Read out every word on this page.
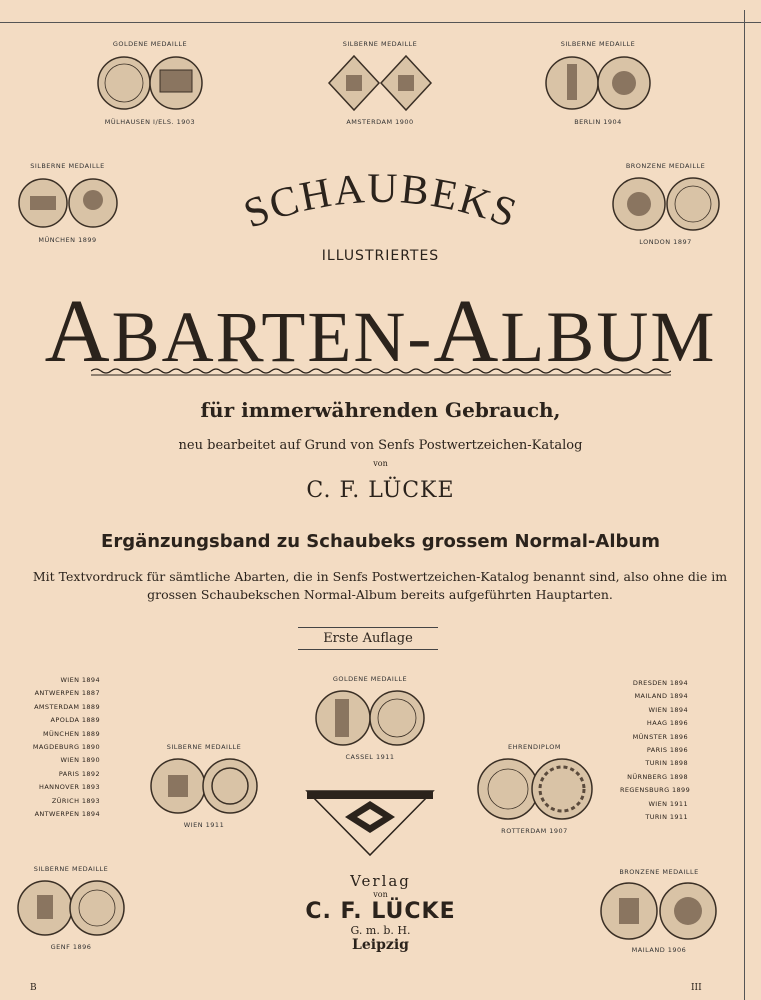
GOLDENE MEDAILLE
MÜLHAUSEN I/ELS. 1903
SILBERNE MEDAILLE
AMSTERDAM 1900
SILBERNE MEDAILLE
BERLIN 1904
SILBERNE MEDAILLE
MÜNCHEN 1899
BRONZENE MEDAILLE
LONDON 1897
SCHAUBEKS
ILLUSTRIERTES
ABARTEN-ALBUM
für immerwährenden Gebrauch,
neu bearbeitet auf Grund von Senfs Postwertzeichen-Katalog
von
C. F. LÜCKE
Ergänzungsband zu Schaubeks grossem Normal-Album
Mit Textvordruck für sämtliche Abarten, die in Senfs Postwertzeichen-Katalog benannt sind, also ohne die im
grossen Schaubekschen Normal-Album bereits aufgeführten Hauptarten.
Erste Auflage
WIEN 1894
ANTWERPEN 1887
AMSTERDAM 1889
APOLDA 1889
MÜNCHEN 1889
MAGDEBURG 1890
WIEN 1890
PARIS 1892
HANNOVER 1893
ZÜRICH 1893
ANTWERPEN 1894
DRESDEN 1894
MAILAND 1894
WIEN 1894
HAAG 1896
MÜNSTER 1896
PARIS 1896
TURIN 1898
NÜRNBERG 1898
REGENSBURG 1899
WIEN 1911
TURIN 1911
GOLDENE MEDAILLE
CASSEL 1911
SILBERNE MEDAILLE
WIEN 1911
EHRENDIPLOM
ROTTERDAM 1907
SILBERNE MEDAILLE
GENF 1896
BRONZENE MEDAILLE
MAILAND 1906
Verlag
von
C. F. LÜCKE
G. m. b. H.
Leipzig
B	III
